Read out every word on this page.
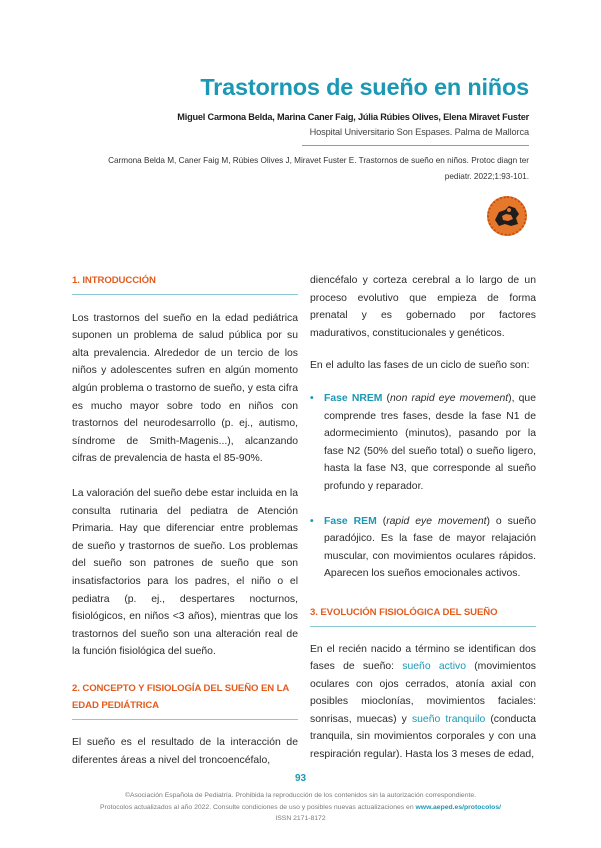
Trastornos de sueño en niños
Miguel Carmona Belda, Marina Caner Faig, Júlia Rúbies Olives, Elena Miravet Fuster
Hospital Universitario Son Espases. Palma de Mallorca
Carmona Belda M, Caner Faig M, Rúbies Olives J, Miravet Fuster E. Trastornos de sueño en niños. Protoc diagn ter
pediatr. 2022;1:93-101.
1. INTRODUCCIÓN

Los trastornos del sueño en la edad pediátrica suponen un problema de salud pública por su alta prevalencia. Alrededor de un tercio de los niños y adolescentes sufren en algún momento algún problema o trastorno de sueño, y esta cifra es mucho mayor sobre todo en niños con trastornos del neurodesarrollo (p. ej., autismo, síndrome de Smith-Magenis...), alcanzando cifras de prevalencia de hasta el 85-90%.

La valoración del sueño debe estar incluida en la consulta rutinaria del pediatra de Atención Primaria. Hay que diferenciar entre problemas de sueño y trastornos de sueño. Los problemas del sueño son patrones de sueño que son insatisfactorios para los padres, el niño o el pediatra (p. ej., despertares nocturnos, fisiológicos, en niños <3 años), mientras que los trastornos del sueño son una alteración real de la función fisiológica del sueño.

2. CONCEPTO Y FISIOLOGÍA DEL SUEÑO EN LA EDAD PEDIÁTRICA

El sueño es el resultado de la interacción de diferentes áreas a nivel del troncoencéfalo,

diencéfalo y corteza cerebral a lo largo de un proceso evolutivo que empieza de forma prenatal y es gobernado por factores madurativos, constitucionales y genéticos.

En el adulto las fases de un ciclo de sueño son:

• Fase NREM (non rapid eye movement), que comprende tres fases, desde la fase N1 de adormecimiento (minutos), pasando por la fase N2 (50% del sueño total) o sueño ligero, hasta la fase N3, que corresponde al sueño profundo y reparador.
• Fase REM (rapid eye movement) o sueño paradójico. Es la fase de mayor relajación muscular, con movimientos oculares rápidos. Aparecen los sueños emocionales activos.
3. EVOLUCIÓN FISIOLÓGICA DEL SUEÑO

En el recién nacido a término se identifican dos fases de sueño: sueño activo (movimientos oculares con ojos cerrados, atonía axial con posibles mioclonías, movimientos faciales: sonrisas, muecas) y sueño tranquilo (conducta tranquila, sin movimientos corporales y con una respiración regular). Hasta los 3 meses de edad,

93
©Asociación Española de Pediatría. Prohibida la reproducción de los contenidos sin la autorización correspondiente.
Protocolos actualizados al año 2022. Consulte condiciones de uso y posibles nuevas actualizaciones en www.aeped.es/protocolos/
ISSN 2171-8172
